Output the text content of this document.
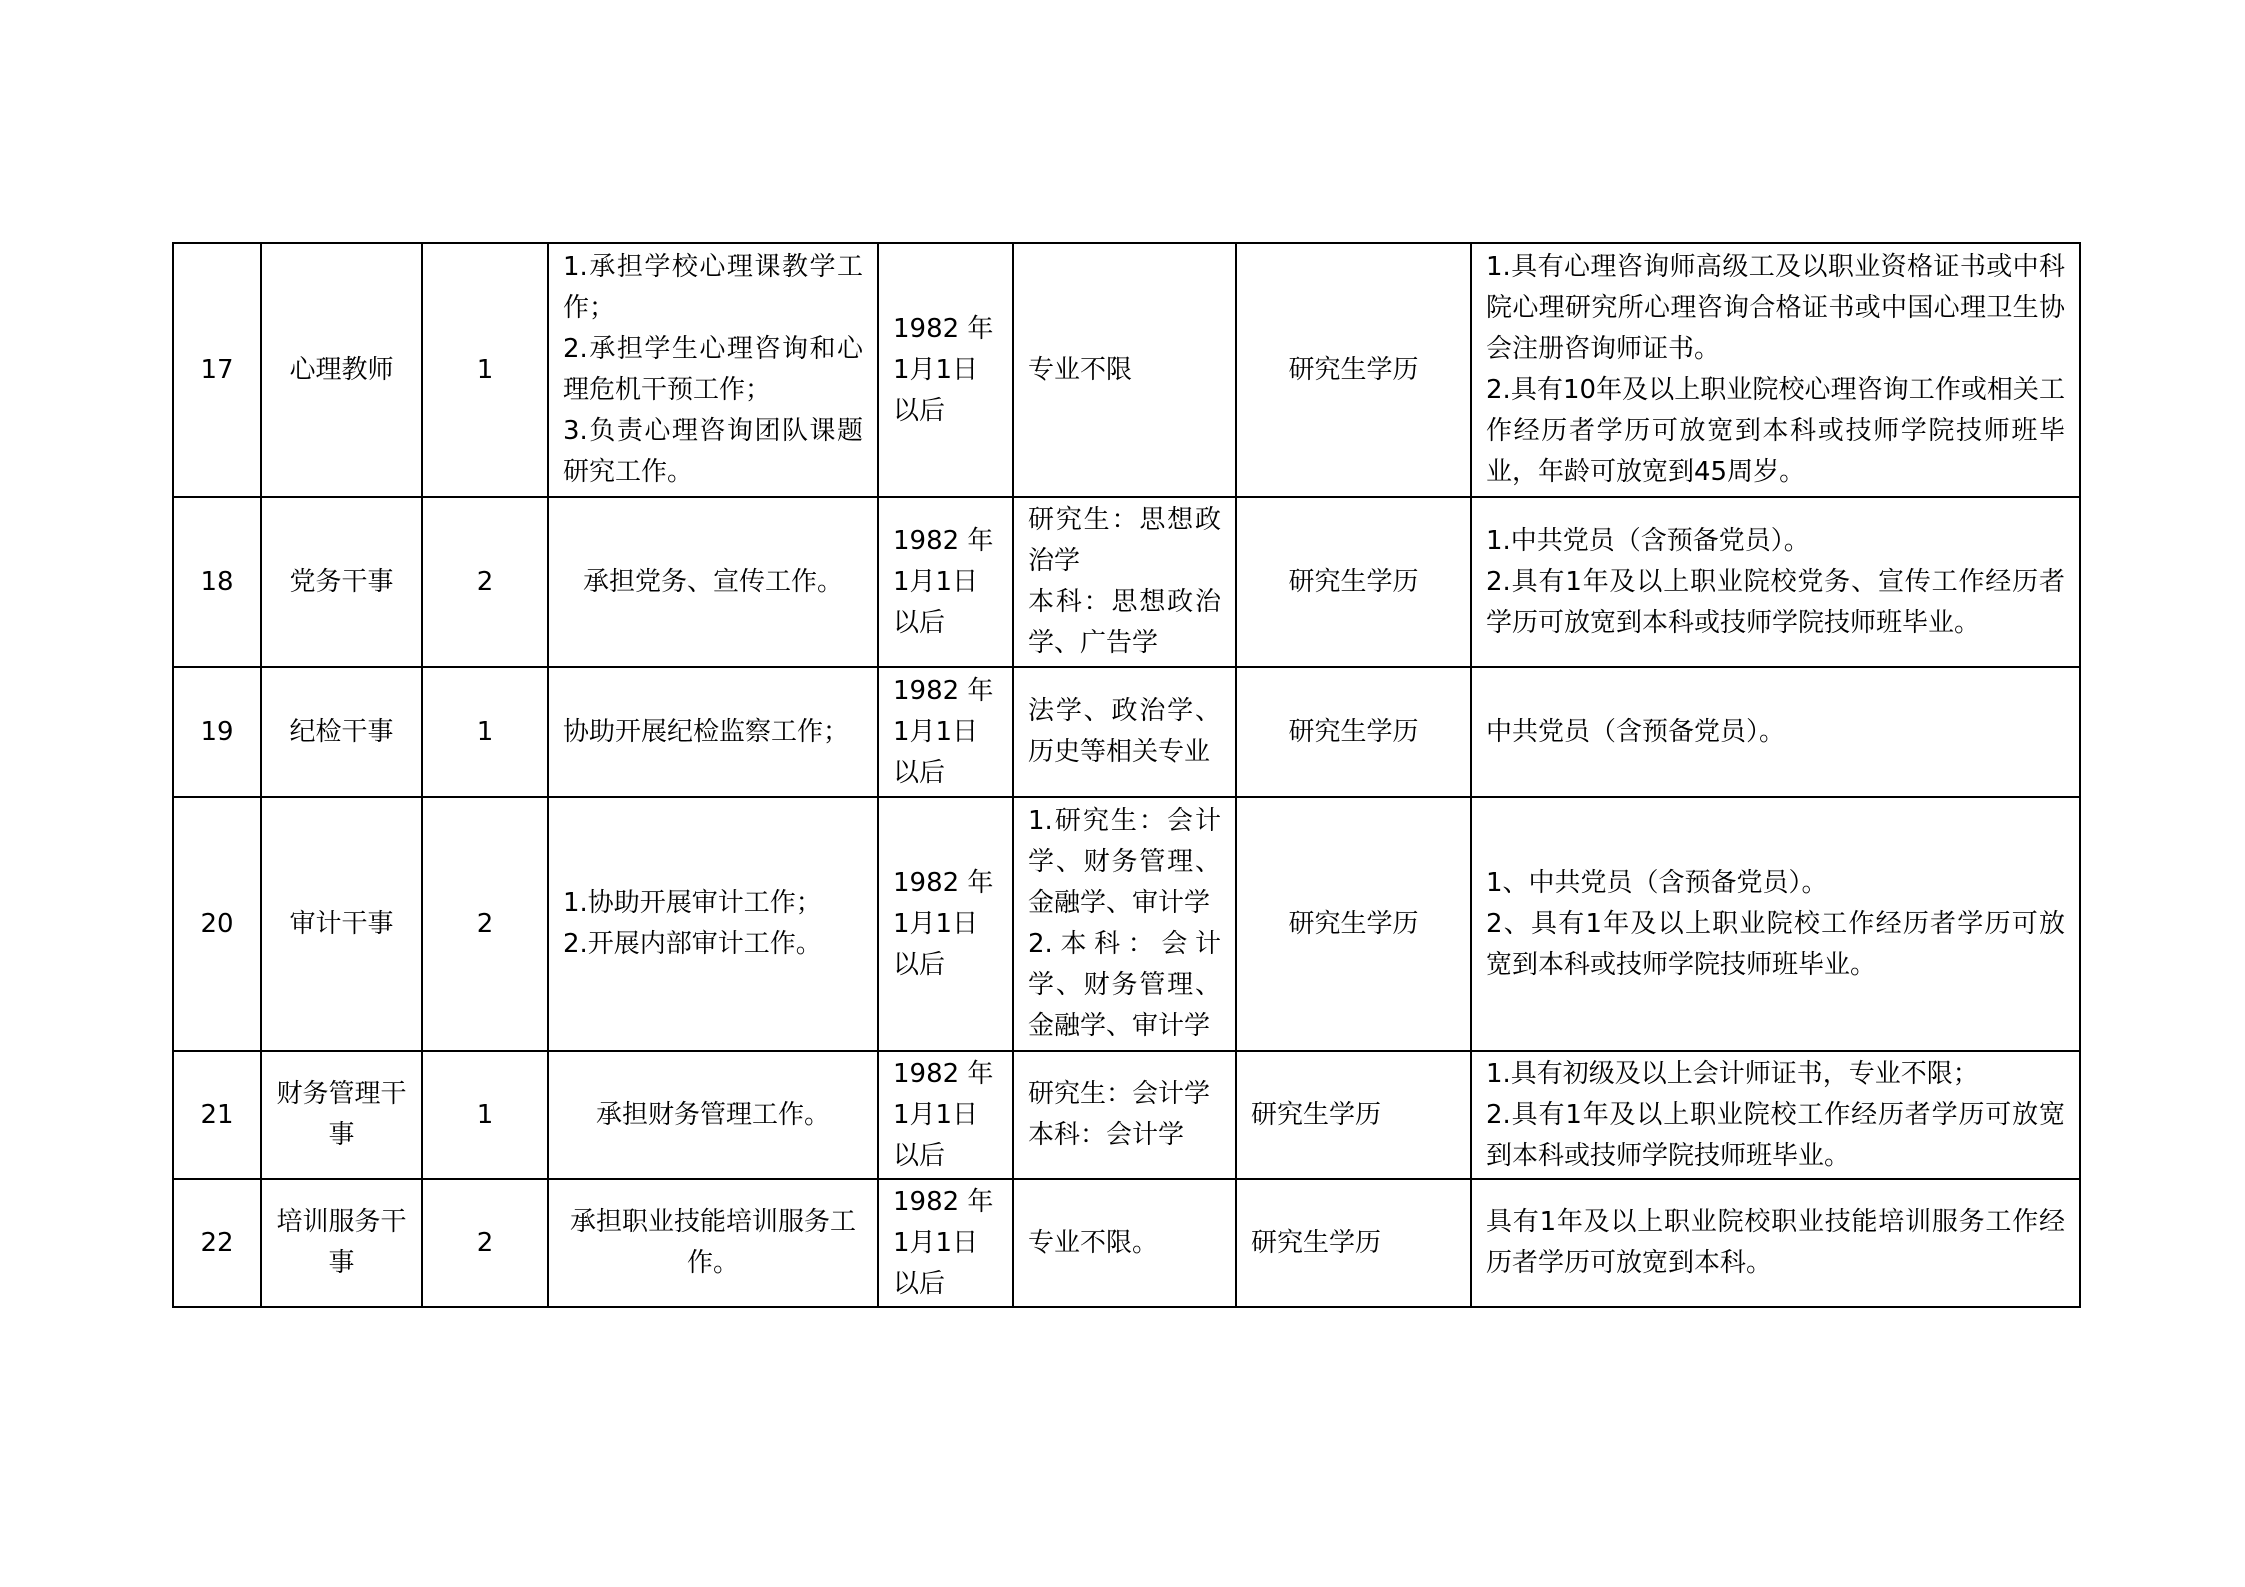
17	心理教师	1	1.承担学校心理课教学工作；
2.承担学生心理咨询和心理危机干预工作；
3.负责心理咨询团队课题研究工作。	1982 年
1月1日
以后	专业不限	研究生学历	1.具有心理咨询师高级工及以职业资格证书或中科院心理研究所心理咨询合格证书或中国心理卫生协会注册咨询师证书。
2.具有10年及以上职业院校心理咨询工作或相关工作经历者学历可放宽到本科或技师学院技师班毕业，年龄可放宽到45周岁。

18	党务干事	2	承担党务、宣传工作。	1982 年
1月1日
以后	研究生：思想政治学
本科：思想政治学、广告学	研究生学历	1.中共党员（含预备党员）。
2.具有1年及以上职业院校党务、宣传工作经历者学历可放宽到本科或技师学院技师班毕业。

19	纪检干事	1	协助开展纪检监察工作；	1982 年
1月1日
以后	法学、政治学、历史等相关专业	研究生学历	中共党员（含预备党员）。

20	审计干事	2	1.协助开展审计工作；
2.开展内部审计工作。	1982 年
1月1日
以后	1.研究生：会计学、财务管理、金融学、审计学
2.本科：会计学、财务管理、金融学、审计学	研究生学历	1、中共党员（含预备党员）。
2、具有1年及以上职业院校工作经历者学历可放宽到本科或技师学院技师班毕业。

21	财务管理干事	1	承担财务管理工作。	1982 年
1月1日
以后	研究生：会计学
本科：会计学	研究生学历	1.具有初级及以上会计师证书，专业不限；
2.具有1年及以上职业院校工作经历者学历可放宽到本科或技师学院技师班毕业。

22	培训服务干事	2	承担职业技能培训服务工作。	1982 年
1月1日
以后	专业不限。	研究生学历	具有1年及以上职业院校职业技能培训服务工作经历者学历可放宽到本科。
